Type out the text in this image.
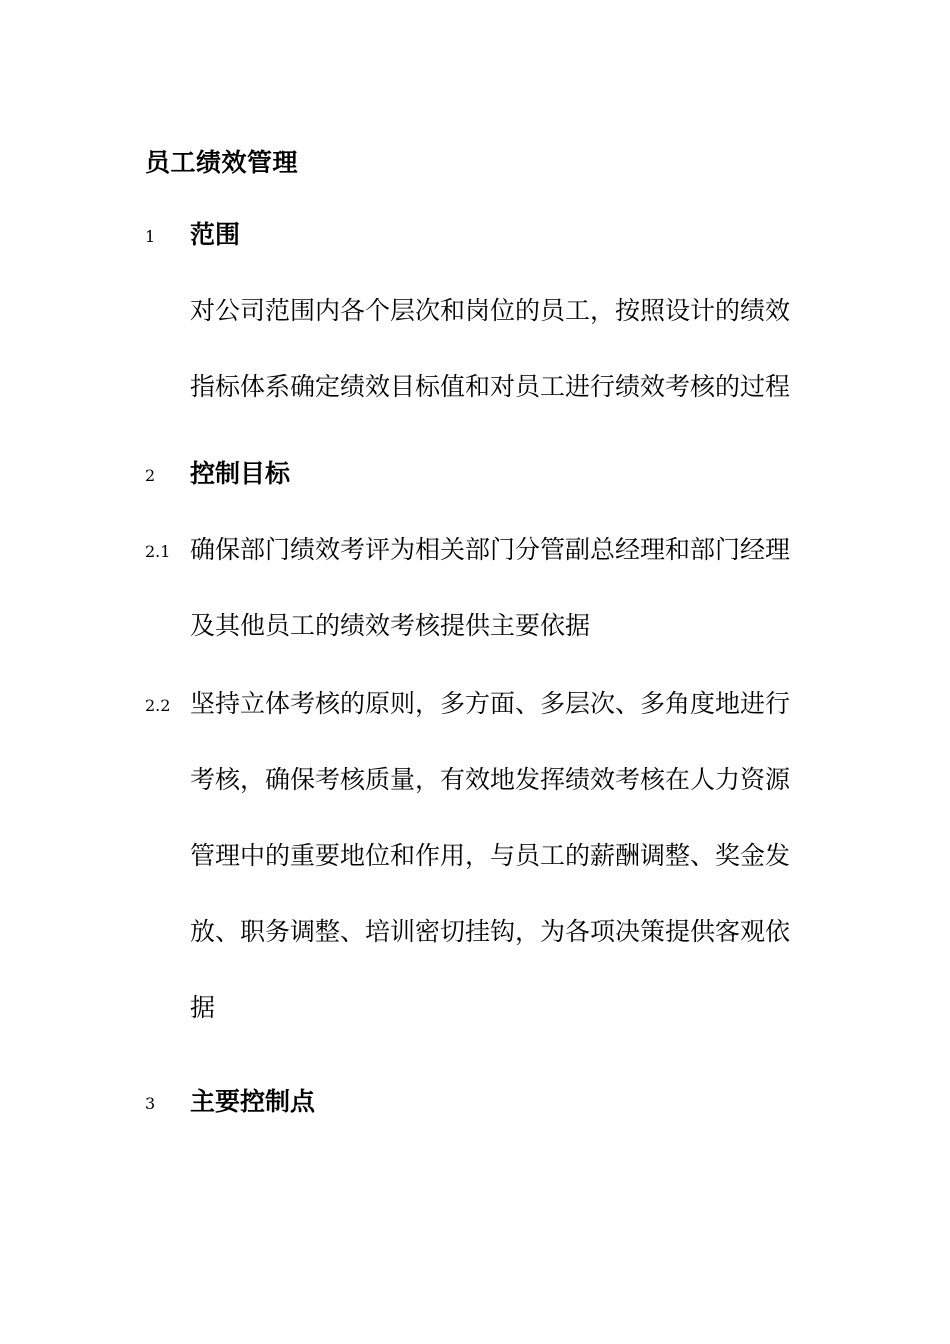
员工绩效管理
1 范围
对公司范围内各个层次和岗位的员工，按照设计的绩效
指标体系确定绩效目标值和对员工进行绩效考核的过程
2 控制目标
2.1 确保部门绩效考评为相关部门分管副总经理和部门经理
及其他员工的绩效考核提供主要依据
2.2 坚持立体考核的原则，多方面、多层次、多角度地进行
考核，确保考核质量，有效地发挥绩效考核在人力资源
管理中的重要地位和作用，与员工的薪酬调整、奖金发
放、职务调整、培训密切挂钩，为各项决策提供客观依
据
3 主要控制点
